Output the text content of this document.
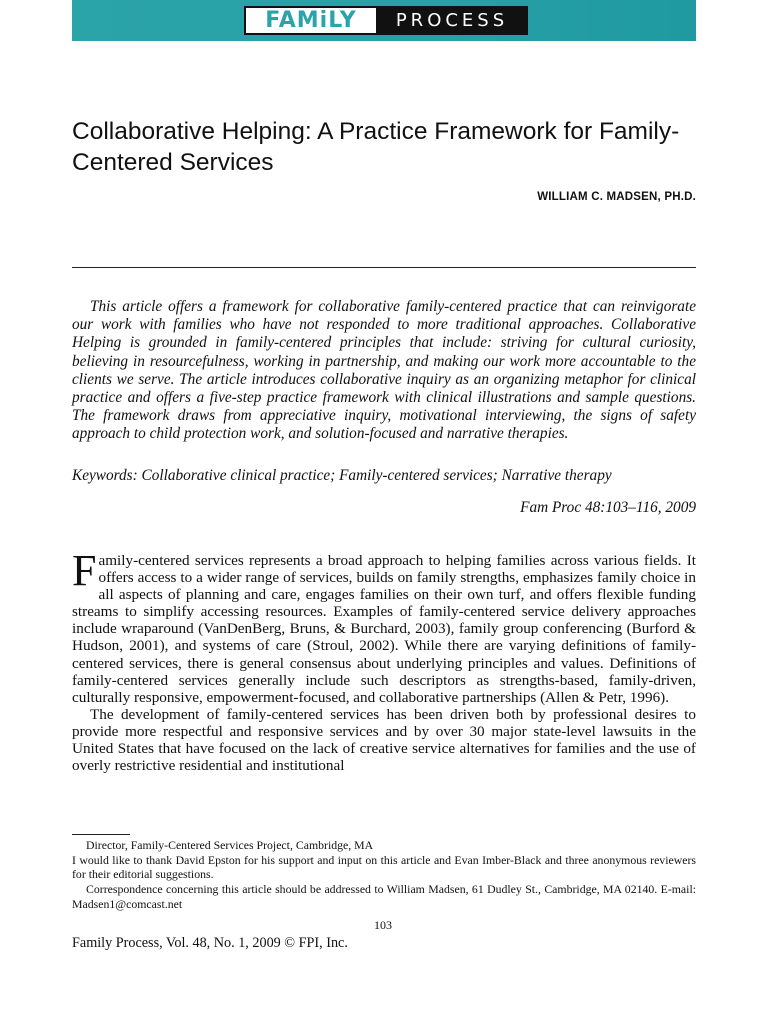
FAMiLY	PROCESS
Collaborative Helping: A Practice Framework for Family-Centered Services
WILLIAM C. MADSEN, PH.D.
This article offers a framework for collaborative family-centered practice that can reinvigorate our work with families who have not responded to more traditional approaches. Collaborative Helping is grounded in family-centered principles that include: striving for cultural curiosity, believing in resourcefulness, working in partnership, and making our work more accountable to the clients we serve. The article introduces collaborative inquiry as an organizing metaphor for clinical practice and offers a five-step practice framework with clinical illustrations and sample questions. The framework draws from appreciative inquiry, motivational interviewing, the signs of safety approach to child protection work, and solution-focused and narrative therapies.
Keywords: Collaborative clinical practice; Family-centered services; Narrative therapy
Fam Proc 48:103–116, 2009

Family-centered services represents a broad approach to helping families across various fields. It offers access to a wider range of services, builds on family strengths, emphasizes family choice in all aspects of planning and care, engages families on their own turf, and offers flexible funding streams to simplify accessing resources. Examples of family-centered service delivery approaches include wraparound (VanDenBerg, Bruns, & Burchard, 2003), family group conferencing (Burford & Hudson, 2001), and systems of care (Stroul, 2002). While there are varying definitions of family-centered services, there is general consensus about underlying principles and values. Definitions of family-centered services generally include such descriptors as strengths-based, family-driven, culturally responsive, empowerment-focused, and collaborative partnerships (Allen & Petr, 1996).

The development of family-centered services has been driven both by professional desires to provide more respectful and responsive services and by over 30 major state-level lawsuits in the United States that have focused on the lack of creative service alternatives for families and the use of overly restrictive residential and institutional

Director, Family-Centered Services Project, Cambridge, MA

I would like to thank David Epston for his support and input on this article and Evan Imber-Black and three anonymous reviewers for their editorial suggestions.

Correspondence concerning this article should be addressed to William Madsen, 61 Dudley St., Cambridge, MA 02140. E-mail: Madsen1@comcast.net

103
Family Process, Vol. 48, No. 1, 2009 © FPI, Inc.
